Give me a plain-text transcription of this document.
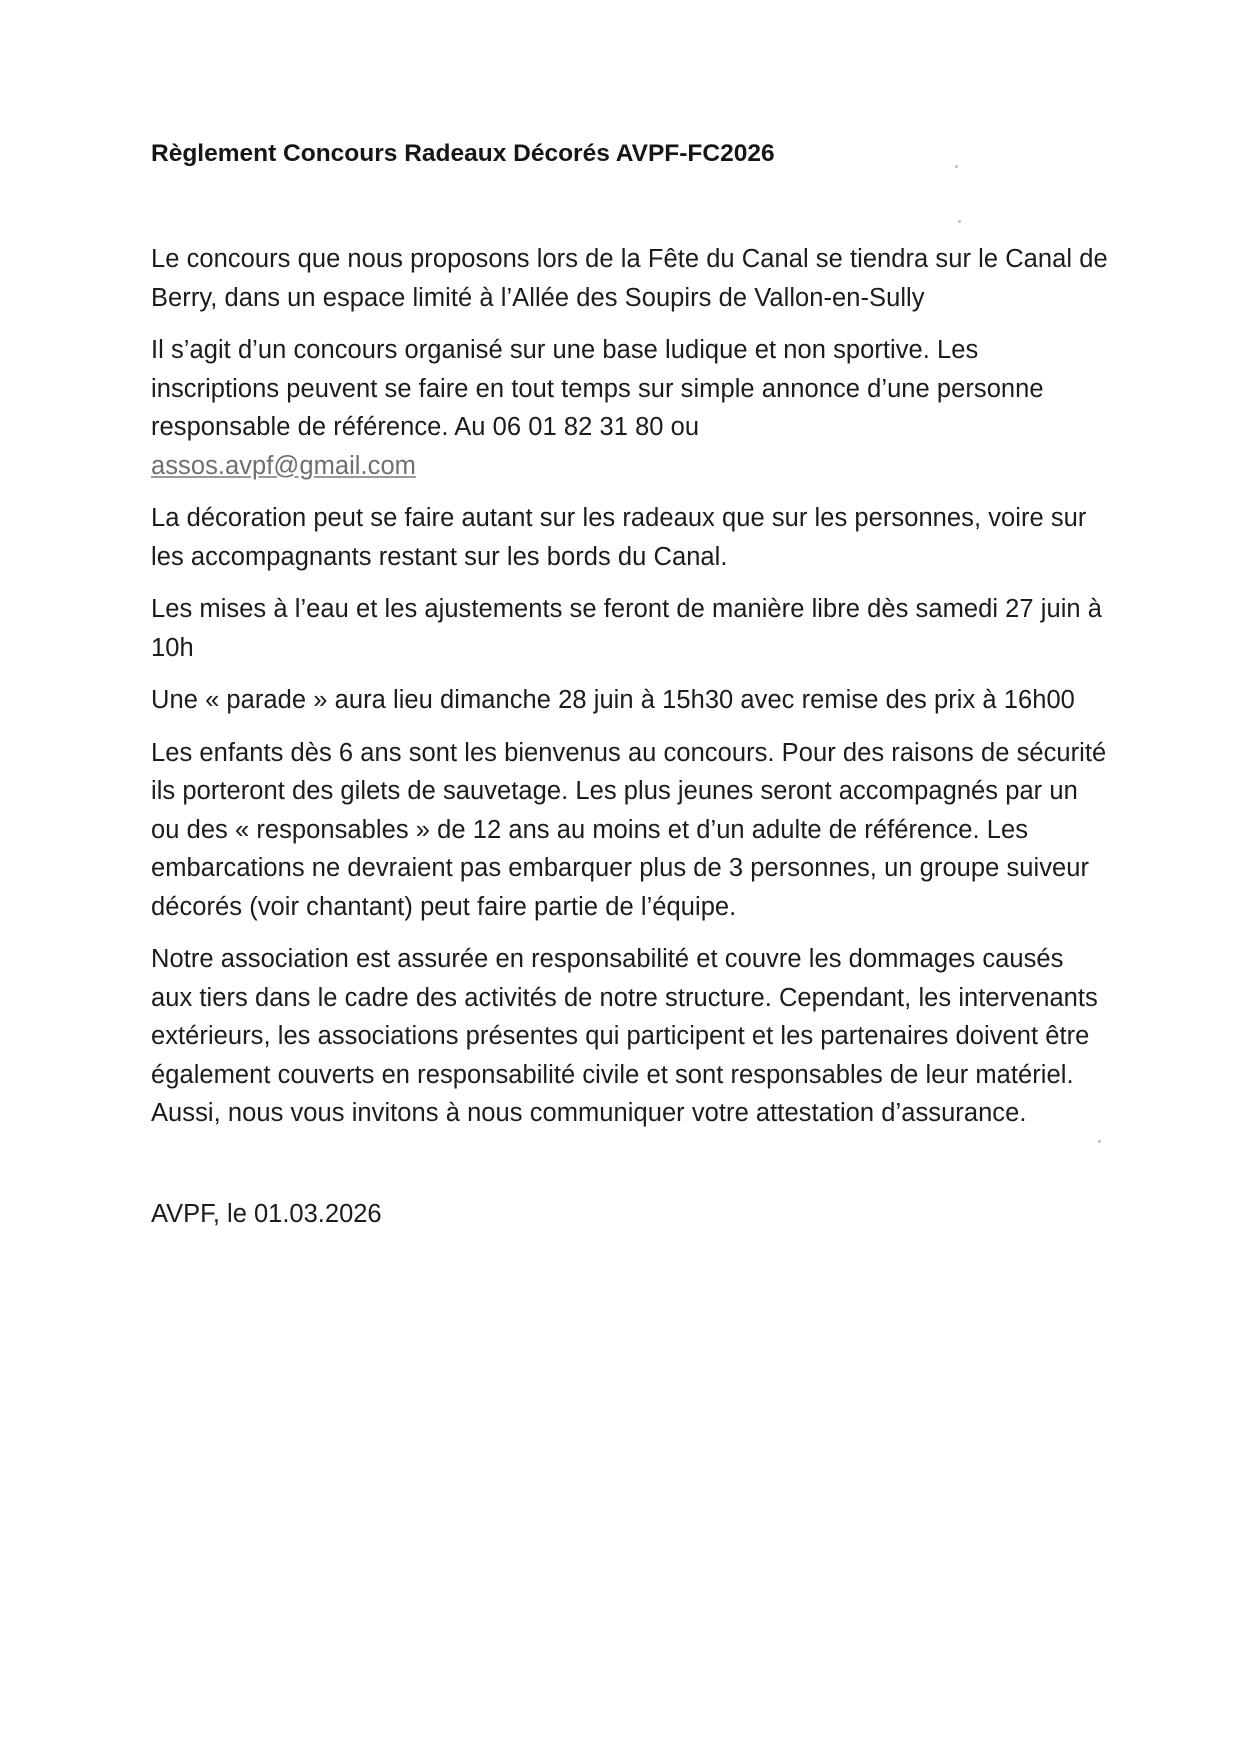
Règlement Concours Radeaux Décorés AVPF-FC2026

Le concours que nous proposons lors de la Fête du Canal se tiendra sur le Canal de Berry, dans un espace limité à l’Allée des Soupirs de Vallon-en-Sully

Il s’agit d’un concours organisé sur une base ludique et non sportive. Les inscriptions peuvent se faire en tout temps sur simple annonce d’une personne responsable de référence. Au 06 01 82 31 80 ou
assos.avpf@gmail.com

La décoration peut se faire autant sur les radeaux que sur les personnes, voire sur les accompagnants restant sur les bords du Canal.

Les mises à l’eau et les ajustements se feront de manière libre dès samedi 27 juin à 10h

Une « parade » aura lieu dimanche 28 juin à 15h30 avec remise des prix à 16h00

Les enfants dès 6 ans sont les bienvenus au concours. Pour des raisons de sécurité ils porteront des gilets de sauvetage. Les plus jeunes seront accompagnés par un ou des « responsables » de 12 ans au moins et d’un adulte de référence. Les embarcations ne devraient pas embarquer plus de 3 personnes, un groupe suiveur décorés (voir chantant) peut faire partie de l’équipe.

Notre association est assurée en responsabilité et couvre les dommages causés aux tiers dans le cadre des activités de notre structure. Cependant, les intervenants extérieurs, les associations présentes qui participent et les partenaires doivent être également couverts en responsabilité civile et sont responsables de leur matériel. Aussi, nous vous invitons à nous communiquer votre attestation d’assurance.

AVPF, le 01.03.2026
